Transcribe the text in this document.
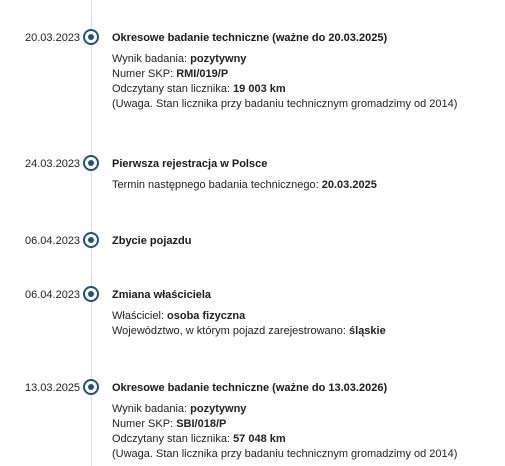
20.03.2023	Okresowe badanie techniczne (ważne do 20.03.2025)
Wynik badania: pozytywny
Numer SKP: RMI/019/P
Odczytany stan licznika: 19 003 km
(Uwaga. Stan licznika przy badaniu technicznym gromadzimy od 2014)
24.03.2023	Pierwsza rejestracja w Polsce
Termin następnego badania technicznego: 20.03.2025
06.04.2023	Zbycie pojazdu
06.04.2023	Zmiana właściciela
Właściciel: osoba fizyczna
Województwo, w którym pojazd zarejestrowano: śląskie
13.03.2025	Okresowe badanie techniczne (ważne do 13.03.2026)
Wynik badania: pozytywny
Numer SKP: SBI/018/P
Odczytany stan licznika: 57 048 km
(Uwaga. Stan licznika przy badaniu technicznym gromadzimy od 2014)
